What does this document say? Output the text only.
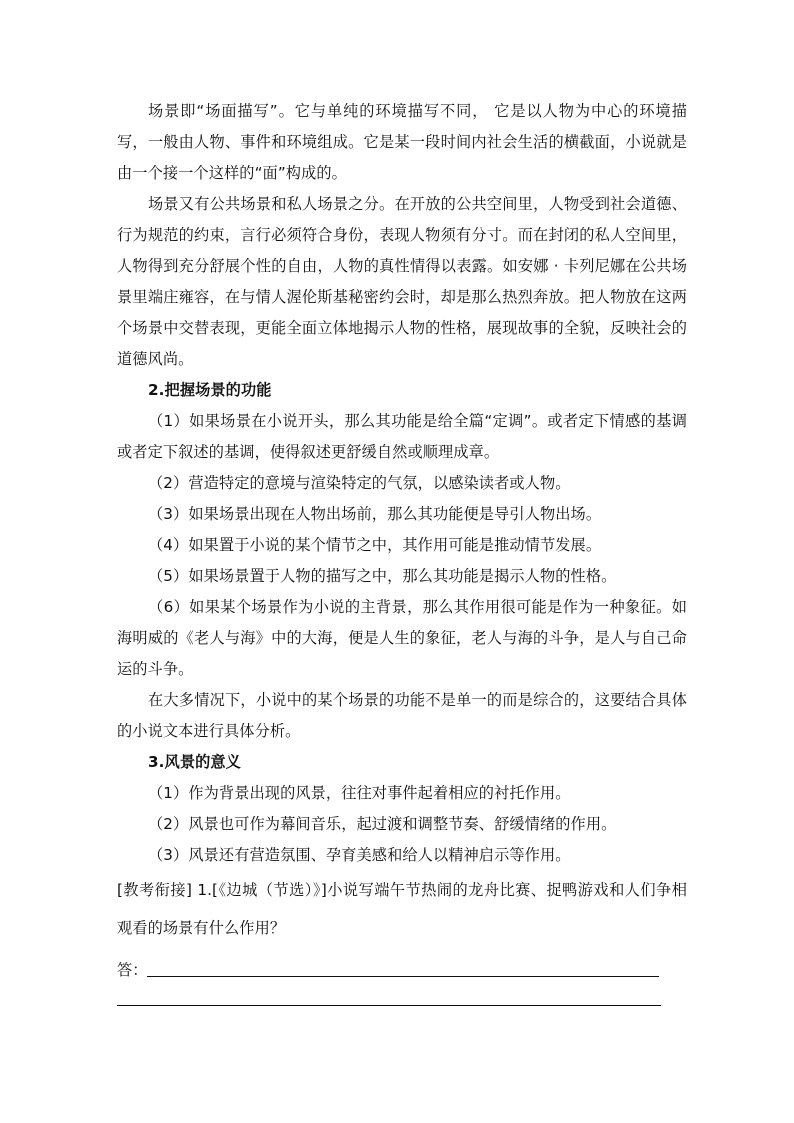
场景即“场面描写”。它与单纯的环境描写不同， 它是以人物为中心的环境描写，一般由人物、事件和环境组成。它是某一段时间内社会生活的横截面，小说就是由一个接一个这样的“面”构成的。

场景又有公共场景和私人场景之分。在开放的公共空间里，人物受到社会道德、行为规范的约束，言行必须符合身份，表现人物须有分寸。而在封闭的私人空间里，人物得到充分舒展个性的自由，人物的真性情得以表露。如安娜 · 卡列尼娜在公共场景里端庄雍容，在与情人渥伦斯基秘密约会时，却是那么热烈奔放。把人物放在这两个场景中交替表现，更能全面立体地揭示人物的性格，展现故事的全貌，反映社会的道德风尚。

2.把握场景的功能

（1）如果场景在小说开头，那么其功能是给全篇“定调”。或者定下情感的基调或者定下叙述的基调，使得叙述更舒缓自然或顺理成章。

（2）营造特定的意境与渲染特定的气氛，以感染读者或人物。

（3）如果场景出现在人物出场前，那么其功能便是导引人物出场。

（4）如果置于小说的某个情节之中，其作用可能是推动情节发展。

（5）如果场景置于人物的描写之中，那么其功能是揭示人物的性格。

（6）如果某个场景作为小说的主背景，那么其作用很可能是作为一种象征。如海明威的《老人与海》中的大海，便是人生的象征，老人与海的斗争，是人与自己命运的斗争。

在大多情况下，小说中的某个场景的功能不是单一的而是综合的，这要结合具体的小说文本进行具体分析。

3.风景的意义

（1）作为背景出现的风景，往往对事件起着相应的衬托作用。

（2）风景也可作为幕间音乐，起过渡和调整节奏、舒缓情绪的作用。

（3）风景还有营造氛围、孕育美感和给人以精神启示等作用。

[教考衔接] 1.[《边城（节选）》]小说写端午节热闹的龙舟比赛、捉鸭游戏和人们争相观看的场景有什么作用？

答：
